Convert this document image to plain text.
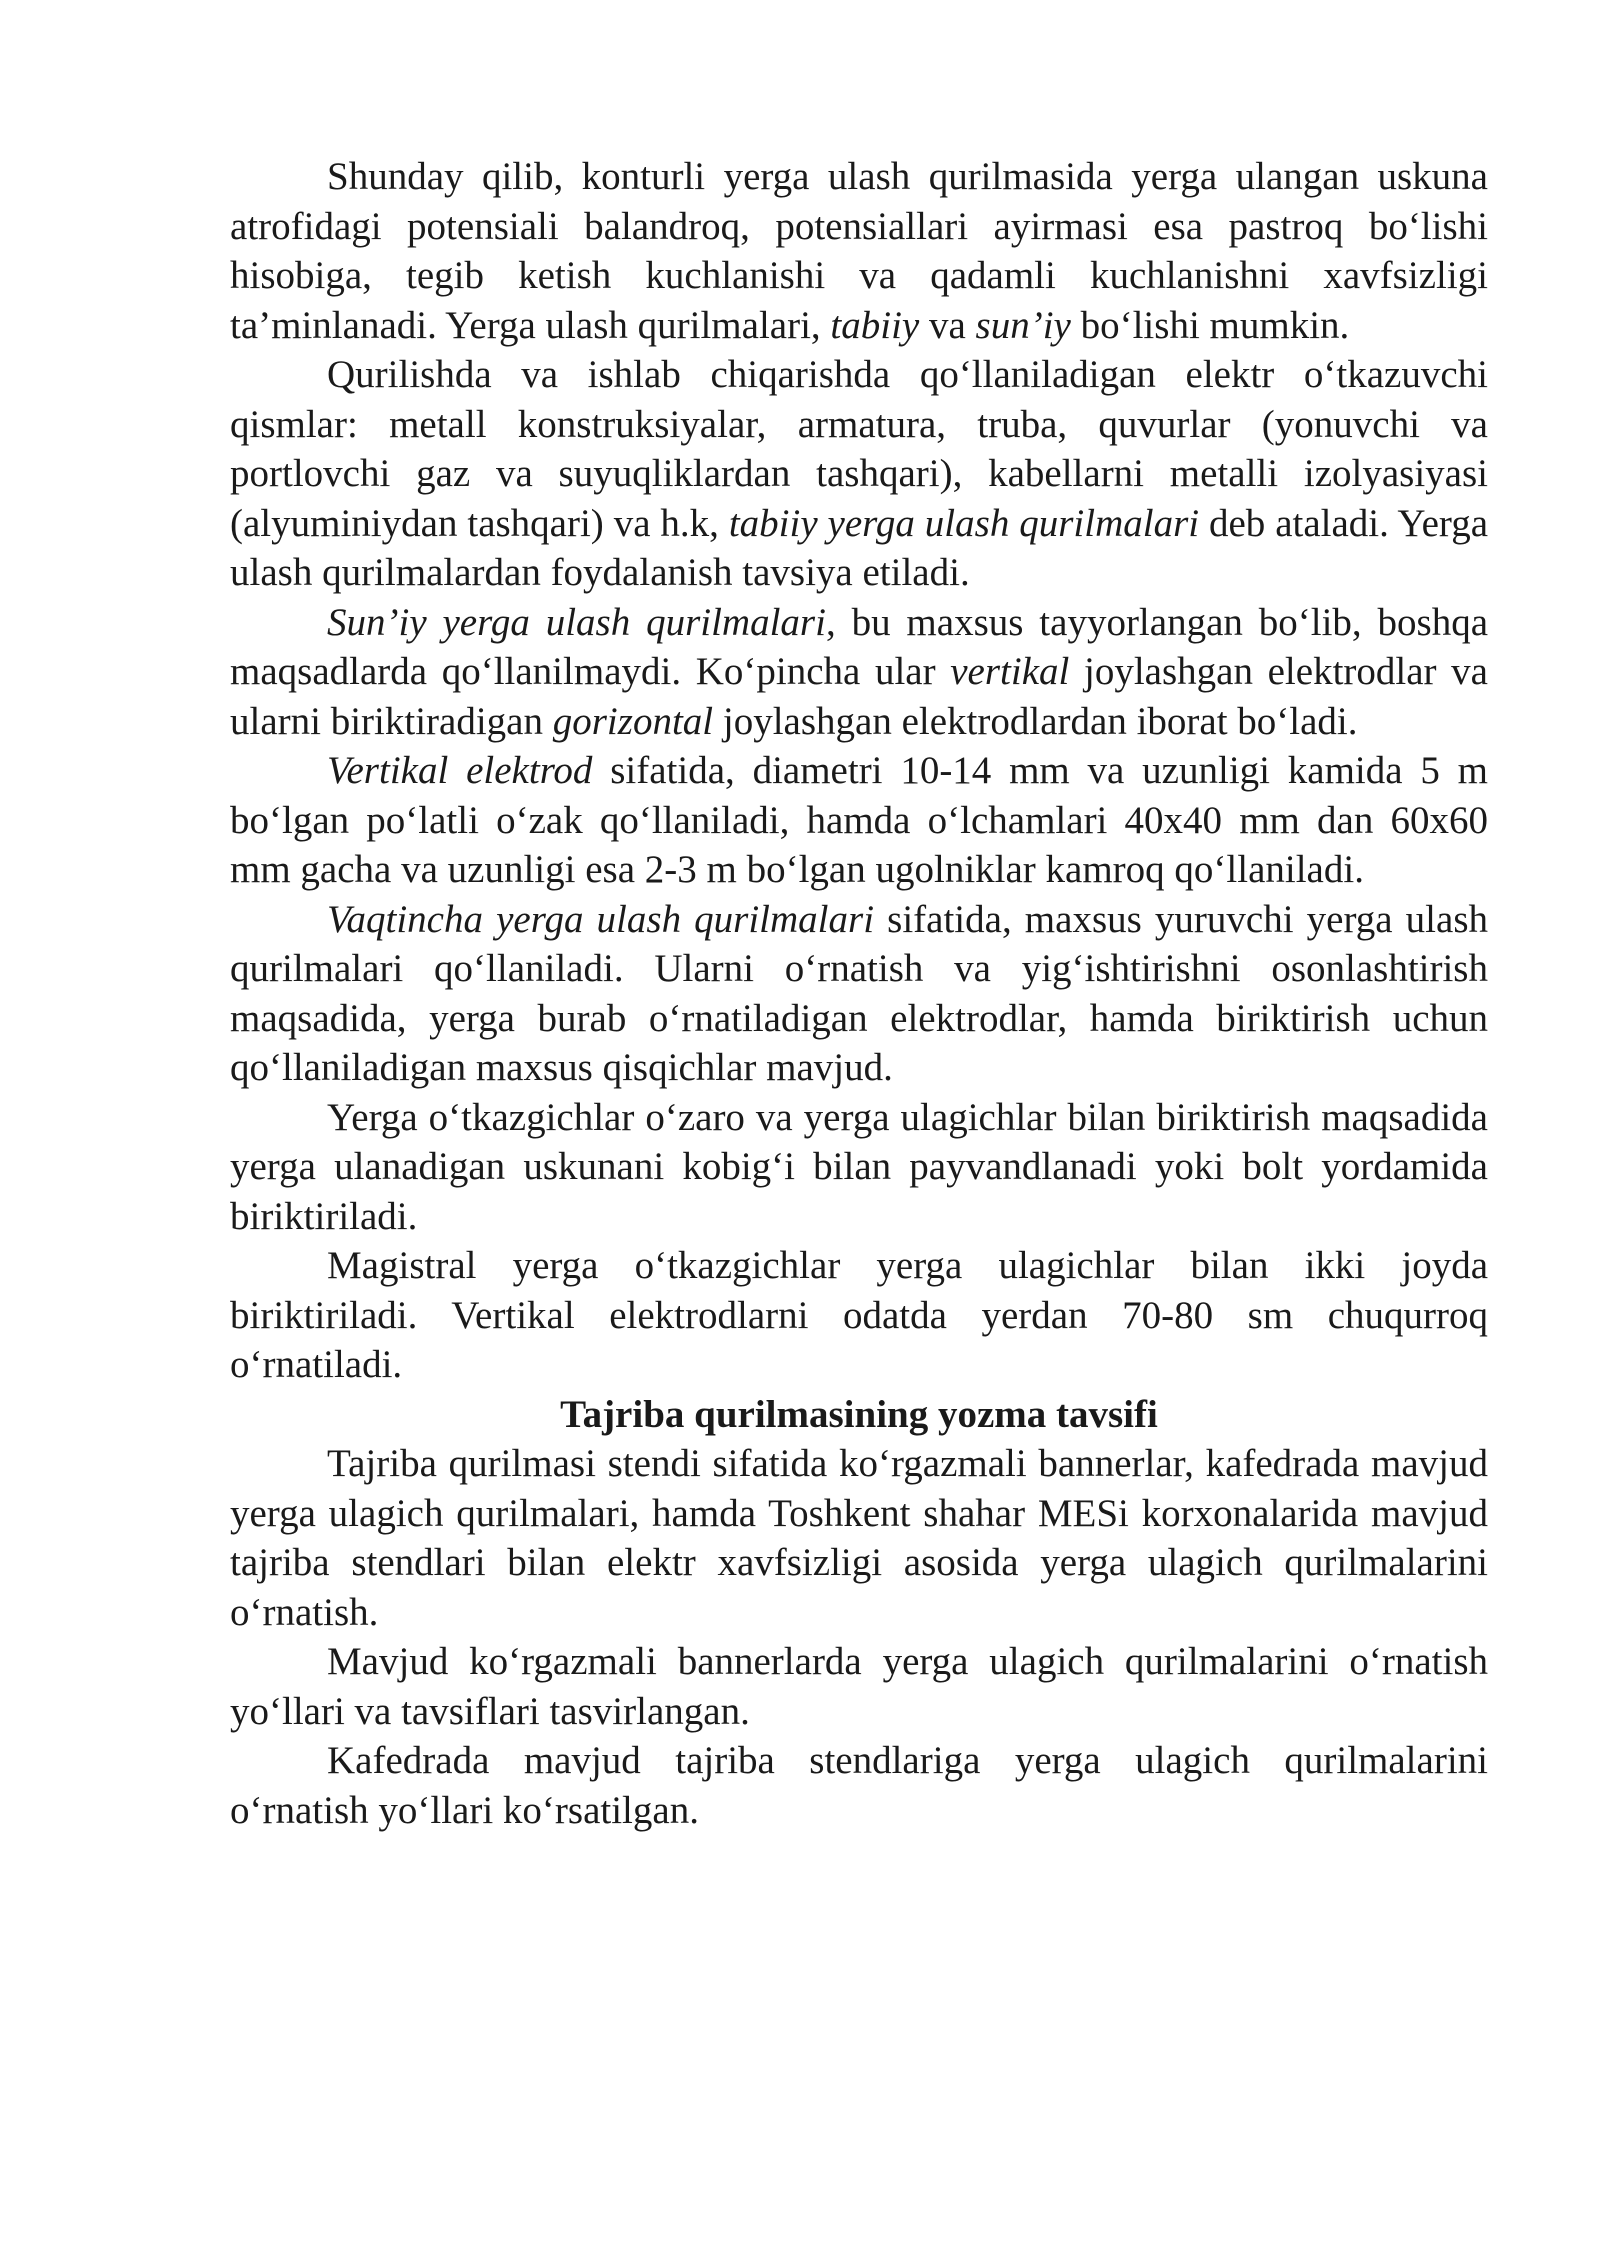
Shunday qilib, konturli yerga ulash qurilmasida yerga ulangan uskuna atrofidagi potensiali balandroq, potensiallari ayirmasi esa pastroq boʻlishi hisobiga, tegib ketish kuchlanishi va qadamli kuchlanishni xavfsizligi ta’minlanadi. Yerga ulash qurilmalari, tabiiy va sun’iy boʻlishi mumkin.

Qurilishda va ishlab chiqarishda qoʻllaniladigan elektr oʻtkazuvchi qismlar: metall konstruksiyalar, armatura, truba, quvurlar (yonuvchi va portlovchi gaz va suyuqliklardan tashqari), kabellarni metalli izolyasiyasi (alyuminiydan tashqari) va h.k, tabiiy yerga ulash qurilmalari deb ataladi. Yerga ulash qurilmalardan foydalanish tavsiya etiladi.

Sun’iy yerga ulash qurilmalari, bu maxsus tayyorlangan boʻlib, boshqa maqsadlarda qoʻllanilmaydi. Koʻpincha ular vertikal joylashgan elektrodlar va ularni biriktiradigan gorizontal joylashgan elektrodlardan iborat boʻladi.

Vertikal elektrod sifatida, diametri 10-14 mm va uzunligi kamida 5 m boʻlgan poʻlatli oʻzak qoʻllaniladi, hamda oʻlchamlari 40x40 mm dan 60x60 mm gacha va uzunligi esa 2-3 m boʻlgan ugolniklar kamroq qoʻllaniladi.

Vaqtincha yerga ulash qurilmalari sifatida, maxsus yuruvchi yerga ulash qurilmalari qoʻllaniladi. Ularni oʻrnatish va yigʻishtirishni osonlashtirish maqsadida, yerga burab oʻrnatiladigan elektrodlar, hamda biriktirish uchun qoʻllaniladigan maxsus qisqichlar mavjud.

Yerga oʻtkazgichlar oʻzaro va yerga ulagichlar bilan biriktirish maqsadida yerga ulanadigan uskunani kobigʻi bilan payvandlanadi yoki bolt yordamida biriktiriladi.

Magistral yerga oʻtkazgichlar yerga ulagichlar bilan ikki joyda biriktiriladi. Vertikal elektrodlarni odatda yerdan 70-80 sm chuqurroq oʻrnatiladi.

Tajriba qurilmasining yozma tavsifi

Tajriba qurilmasi stendi sifatida koʻrgazmali bannerlar, kafedrada mavjud yerga ulagich qurilmalari, hamda Toshkent shahar MESi korxonalarida mavjud tajriba stendlari bilan elektr xavfsizligi asosida yerga ulagich qurilmalarini oʻrnatish.

Mavjud koʻrgazmali bannerlarda yerga ulagich qurilmalarini oʻrnatish yoʻllari va tavsiflari tasvirlangan.

Kafedrada mavjud tajriba stendlariga yerga ulagich qurilmalarini oʻrnatish yoʻllari koʻrsatilgan.
